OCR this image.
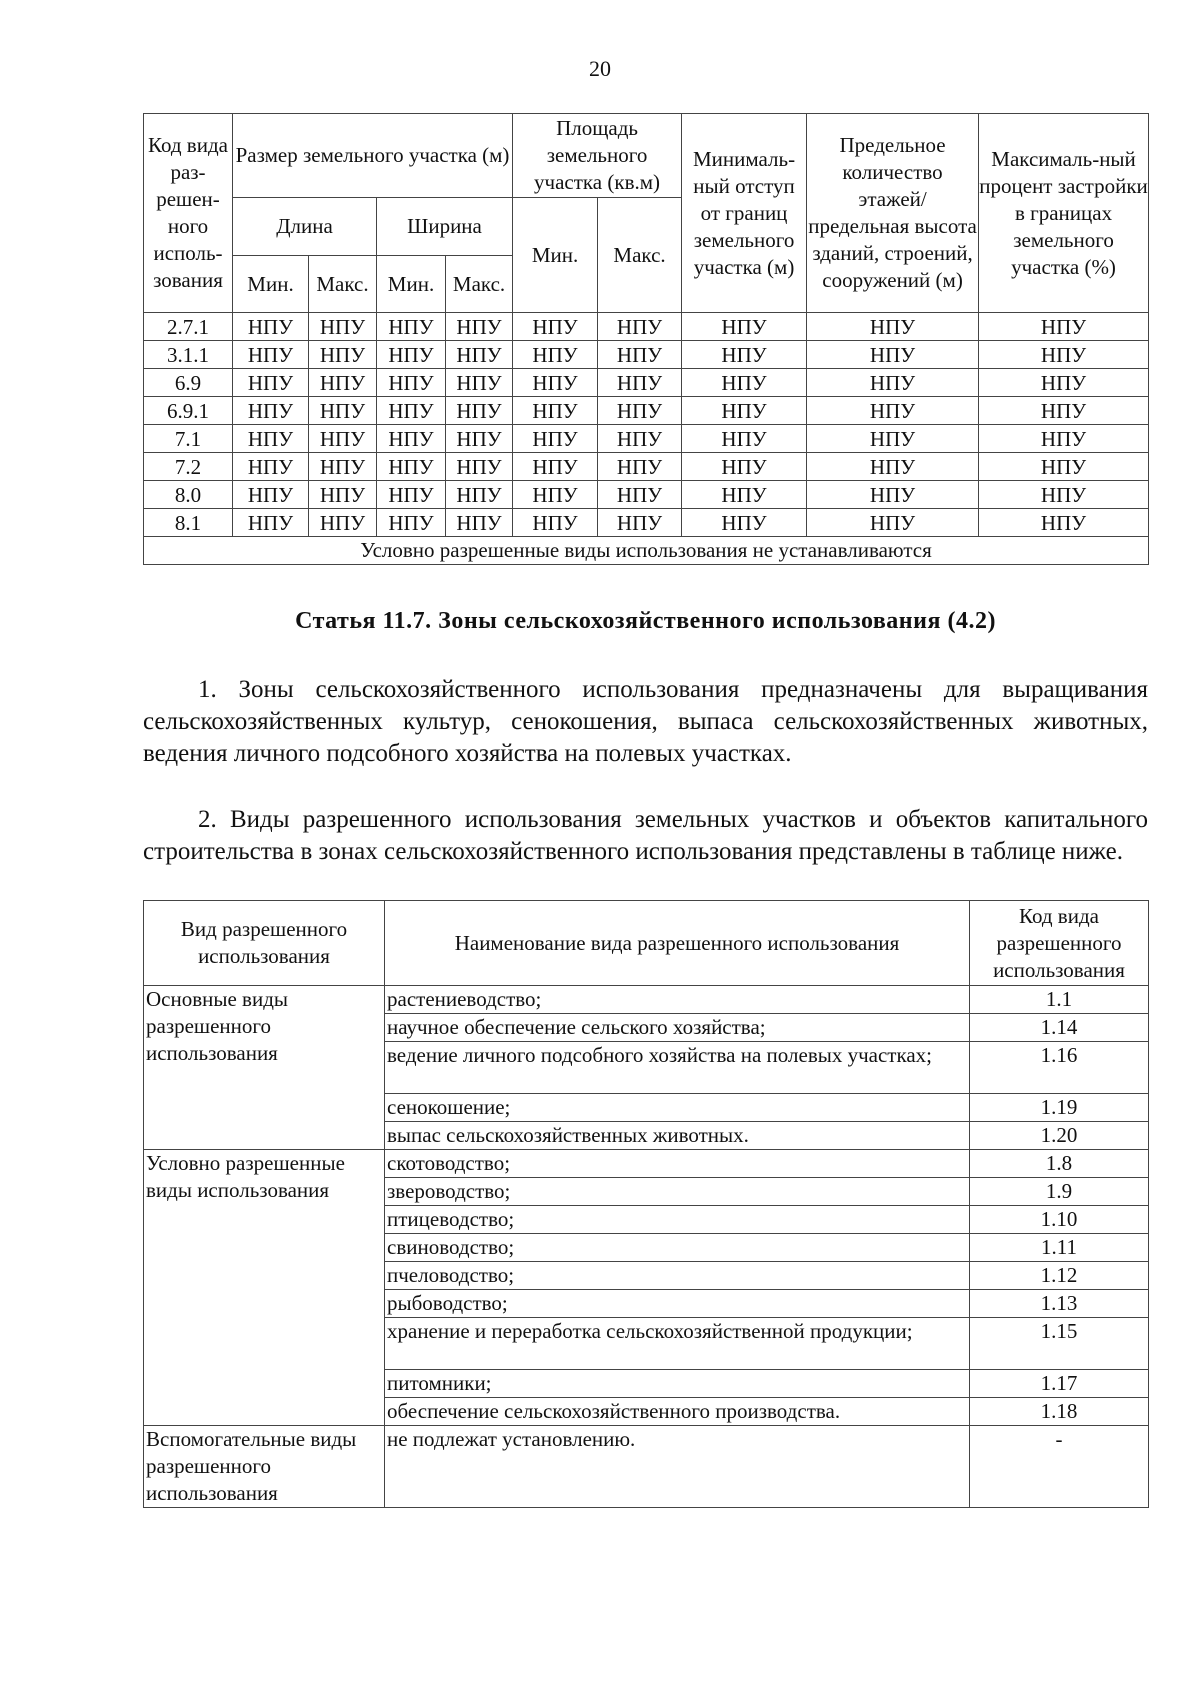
20
Код вида раз-решен-ного исполь-зования	Размер земельного участка (м)				Площадь земельного участка (кв.м)		Минималь-ный отступ от границ земельного участка (м)	Предельное количество этажей/ предельная высота зданий, строений, сооружений (м)	Максималь-ный процент застройки в границах земельного участка (%)
	Длина		Ширина		Мин.	Макс.			
	Мин.	Макс.	Мин.	Макс.					
2.7.1	НПУ	НПУ	НПУ	НПУ	НПУ	НПУ	НПУ	НПУ	НПУ
3.1.1	НПУ	НПУ	НПУ	НПУ	НПУ	НПУ	НПУ	НПУ	НПУ
6.9	НПУ	НПУ	НПУ	НПУ	НПУ	НПУ	НПУ	НПУ	НПУ
6.9.1	НПУ	НПУ	НПУ	НПУ	НПУ	НПУ	НПУ	НПУ	НПУ
7.1	НПУ	НПУ	НПУ	НПУ	НПУ	НПУ	НПУ	НПУ	НПУ
7.2	НПУ	НПУ	НПУ	НПУ	НПУ	НПУ	НПУ	НПУ	НПУ
8.0	НПУ	НПУ	НПУ	НПУ	НПУ	НПУ	НПУ	НПУ	НПУ
8.1	НПУ	НПУ	НПУ	НПУ	НПУ	НПУ	НПУ	НПУ	НПУ
Условно разрешенные виды использования не устанавливаются									
Статья 11.7. Зоны сельскохозяйственного использования (4.2)

1. Зоны сельскохозяйственного использования предназначены для выращивания сельскохозяйственных культур, сенокошения, выпаса сельскохозяйственных животных, ведения личного подсобного хозяйства на полевых участках.

2. Виды разрешенного использования земельных участков и объектов капитального строительства в зонах сельскохозяйственного использования представлены в таблице ниже.

Вид разрешенного использования	Наименование вида разрешенного использования	Код вида разрешенного использования
Основные виды разрешенного использования	растениеводство;	1.1
	научное обеспечение сельского хозяйства;	1.14
	ведение личного подсобного хозяйства на полевых участках;	1.16
	сенокошение;	1.19
	выпас сельскохозяйственных животных.	1.20
Условно разрешенные виды использования	скотоводство;	1.8
	звероводство;	1.9
	птицеводство;	1.10
	свиноводство;	1.11
	пчеловодство;	1.12
	рыбоводство;	1.13
	хранение и переработка сельскохозяйственной продукции;	1.15
	питомники;	1.17
	обеспечение сельскохозяйственного производства.	1.18
Вспомогательные виды разрешенного использования	не подлежат установлению.	-
